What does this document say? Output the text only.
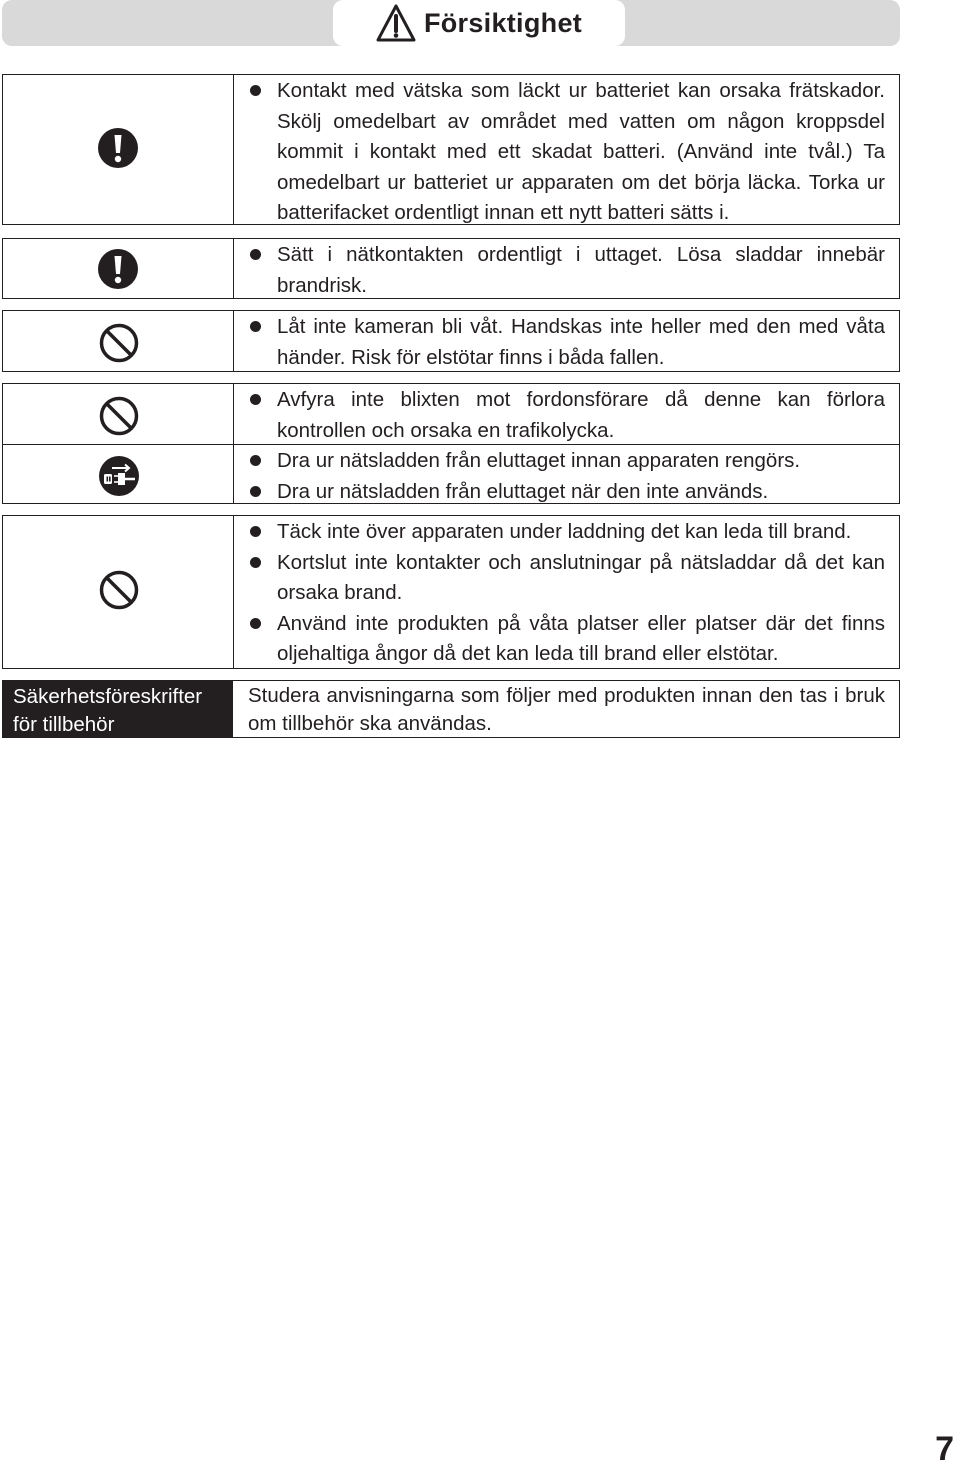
Försiktighet
Kontakt med vätska som läckt ur batteriet kan orsaka frätskador. Skölj omedelbart av området med vatten om någon kroppsdel kommit i kontakt med ett skadat batteri. (Använd inte tvål.) Ta omedelbart ur batteriet ur apparaten om det börja läcka. Torka ur batterifacket ordentligt innan ett nytt batteri sätts i.
Sätt i nätkontakten ordentligt i uttaget. Lösa sladdar innebär brandrisk.
Låt inte kameran bli våt. Handskas inte heller med den med våta händer. Risk för elstötar finns i båda fallen.
Avfyra inte blixten mot fordonsförare då denne kan förlora kontrollen och orsaka en trafikolycka.
Dra ur nätsladden från eluttaget innan apparaten rengörs.
Dra ur nätsladden från eluttaget när den inte används.
Täck inte över apparaten under laddning det kan leda till brand.
Kortslut inte kontakter och anslutningar på nätsladdar då det kan orsaka brand.
Använd inte produkten på våta platser eller platser där det finns oljehaltiga ångor då det kan leda till brand eller elstötar.
Säkerhetsföreskrifter
för tillbehör
Studera anvisningarna som följer med produkten innan den tas i bruk om tillbehör ska användas.
7
